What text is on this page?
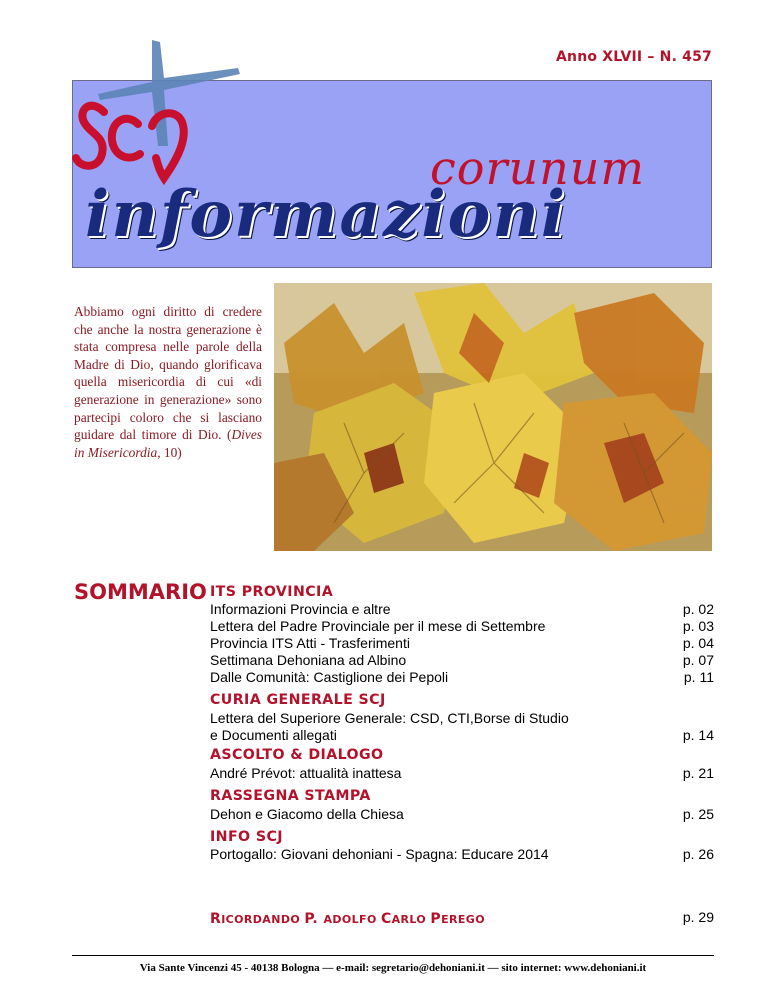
Anno XLVII – N. 457
corunum
informazioni
Abbiamo ogni diritto di credere che anche la nostra generazione è stata compresa nelle parole della Madre di Dio, quando glorificava quella misericordia di cui «di generazione in generazione» sono partecipi coloro che si lasciano guidare dal timore di Dio. (Dives in Misericordia, 10)
SOMMARIO ITS PROVINCIA
Informazioni Provincia e altre	p. 02
Lettera del Padre Provinciale per il mese di Settembre	p. 03
Provincia ITS Atti - Trasferimenti	p. 04
Settimana Dehoniana ad Albino	p. 07
Dalle Comunità: Castiglione dei Pepoli	p. 11
CURIA GENERALE SCJ
Lettera del Superiore Generale: CSD, CTI,Borse di Studio
e Documenti allegati	p. 14
ASCOLTO & DIALOGO
André Prévot: attualità inattesa	p. 21
RASSEGNA STAMPA
Dehon e Giacomo della Chiesa	p. 25
INFO SCJ
Portogallo: Giovani dehoniani - Spagna: Educare 2014	p. 26
RICORDANDO P. ADOLFO CARLO PEREGO	p. 29
Via Sante Vincenzi 45 - 40138 Bologna — e-mail: segretario@dehoniani.it — sito internet: www.dehoniani.it
